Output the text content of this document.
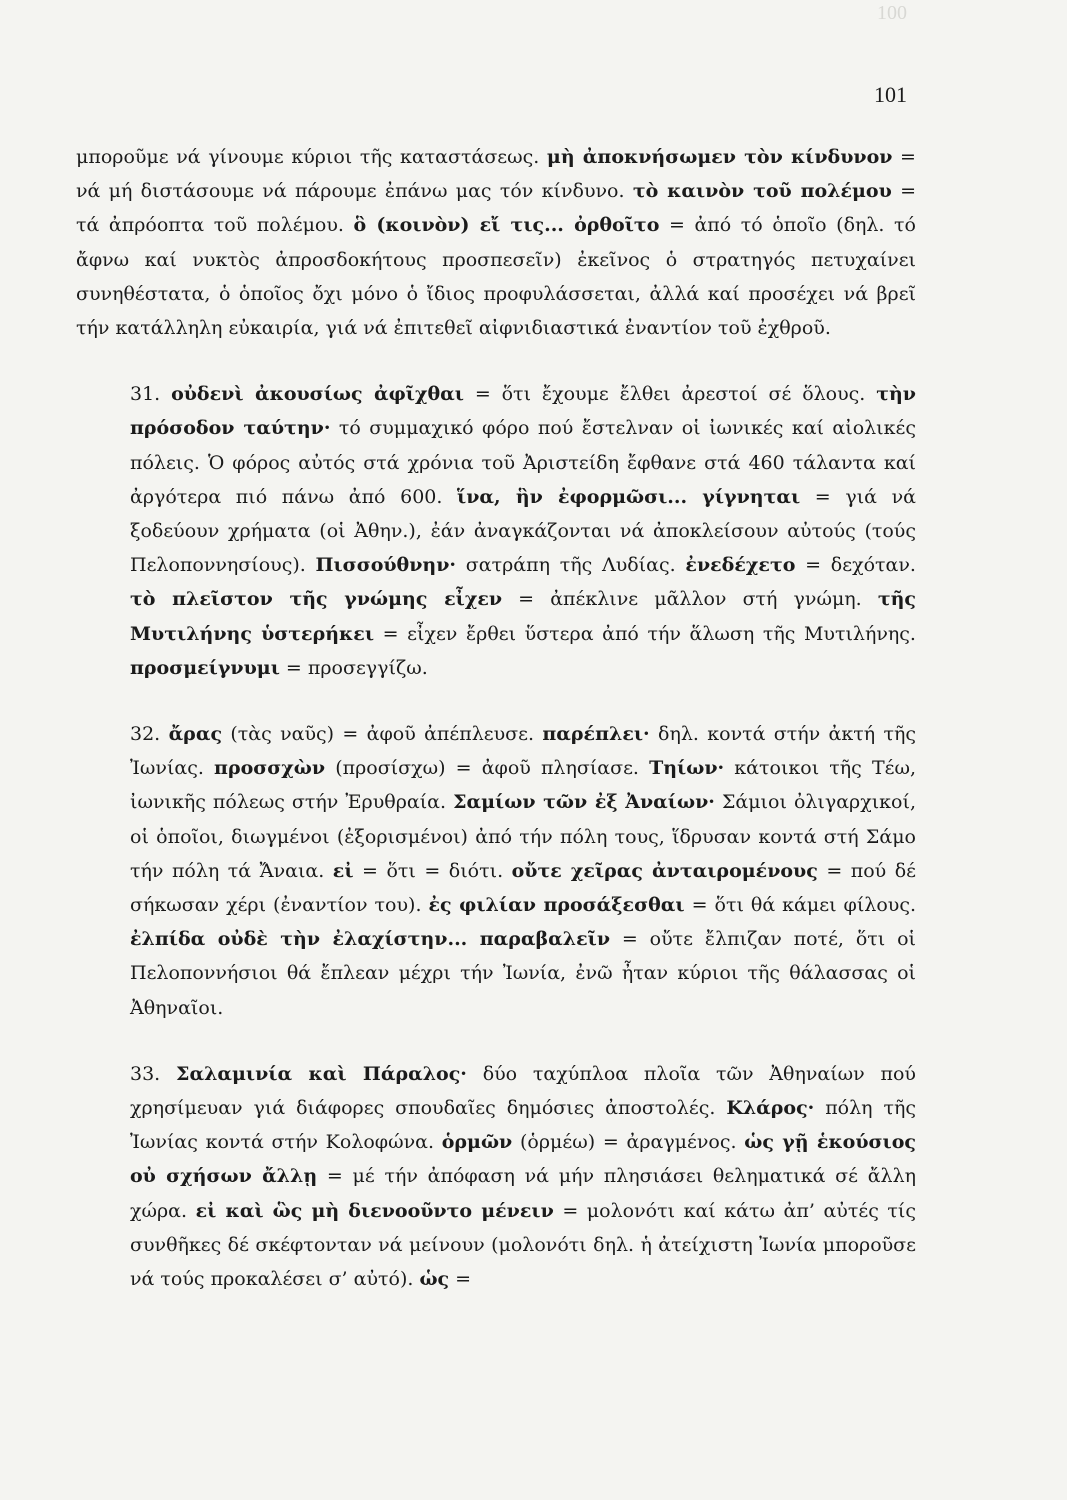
100
101

μποροῦμε νά γίνουμε κύριοι τῆς καταστάσεως. μὴ ἀποκνήσωμεν τὸν κίνδυνον = νά μή διστάσουμε νά πάρουμε ἐπάνω μας τόν κίνδυνο. τὸ καινὸν τοῦ πολέμου = τά ἀπρόοπτα τοῦ πολέμου. ὃ (κοινὸν) εἴ τις... ὀρθοῖτο = ἀπό τό ὁποῖο (δηλ. τό ἄφνω καί νυκτὸς ἀπροσδοκήτους προσπεσεῖν) ἐκεῖνος ὁ στρατηγός πετυχαίνει συνηθέστατα, ὁ ὁποῖος ὄχι μόνο ὁ ἴδιος προφυλάσσεται, ἀλλά καί προσέχει νά βρεῖ τήν κατάλληλη εὐκαιρία, γιά νά ἐπιτεθεῖ αἰφνιδιαστικά ἐναντίον τοῦ ἐχθροῦ.

31. οὐδενὶ ἀκουσίως ἀφῖχθαι = ὅτι ἔχουμε ἔλθει ἀρεστοί σέ ὅλους. τὴν πρόσοδον ταύτην· τό συμμαχικό φόρο πού ἔστελναν οἱ ἰωνικές καί αἰολικές πόλεις. Ὁ φόρος αὐτός στά χρόνια τοῦ Ἀριστείδη ἔφθανε στά 460 τάλαντα καί ἀργότερα πιό πάνω ἀπό 600. ἵνα, ἣν ἐφορμῶσι... γίγνηται = γιά νά ξοδεύουν χρήματα (οἱ Ἀθην.), ἐάν ἀναγκάζονται νά ἀποκλείσουν αὐτούς (τούς Πελοποννησίους). Πισσούθνην· σατράπη τῆς Λυδίας. ἐνεδέχετο = δεχόταν. τὸ πλεῖστον τῆς γνώμης εἶχεν = ἀπέκλινε μᾶλλον στή γνώμη. τῆς Μυτιλήνης ὑστερήκει = εἶχεν ἔρθει ὕστερα ἀπό τήν ἅλωση τῆς Μυτιλήνης. προσμείγνυμι = προσεγγίζω.

32. ἄρας (τὰς ναῦς) = ἀφοῦ ἀπέπλευσε. παρέπλει· δηλ. κοντά στήν ἀκτή τῆς Ἰωνίας. προσσχὼν (προσίσχω) = ἀφοῦ πλησίασε. Τηίων· κάτοικοι τῆς Τέω, ἰωνικῆς πόλεως στήν Ἐρυθραία. Σαμίων τῶν ἐξ Ἀναίων· Σάμιοι ὀλιγαρχικοί, οἱ ὁποῖοι, διωγμένοι (ἐξορισμένοι) ἀπό τήν πόλη τους, ἵδρυσαν κοντά στή Σάμο τήν πόλη τά Ἄναια. εἰ = ὅτι = διότι. οὔτε χεῖρας ἀνταιρομένους = πού δέ σήκωσαν χέρι (ἐναντίον του). ἐς φιλίαν προσάξεσθαι = ὅτι θά κάμει φίλους. ἐλπίδα οὐδὲ τὴν ἐλαχίστην... παραβαλεῖν = οὔτε ἔλπιζαν ποτέ, ὅτι οἱ Πελοποννήσιοι θά ἔπλεαν μέχρι τήν Ἰωνία, ἐνῶ ἦταν κύριοι τῆς θάλασσας οἱ Ἀθηναῖοι.

33. Σαλαμινία καὶ Πάραλος· δύο ταχύπλοα πλοῖα τῶν Ἀθηναίων πού χρησίμευαν γιά διάφορες σπουδαῖες δημόσιες ἀποστολές. Κλάρος· πόλη τῆς Ἰωνίας κοντά στήν Κολοφώνα. ὁρμῶν (ὁρμέω) = ἀραγμένος. ὡς γῇ ἑκούσιος οὐ σχήσων ἄλλῃ = μέ τήν ἀπόφαση νά μήν πλησιάσει θεληματικά σέ ἄλλη χώρα. εἰ καὶ ὣς μὴ διενοοῦντο μένειν = μολονότι καί κάτω ἀπ’ αὐτές τίς συνθῆκες δέ σκέφτονταν νά μείνουν (μολονότι δηλ. ἡ ἀτείχιστη Ἰωνία μποροῦσε νά τούς προκαλέσει σ’ αὐτό). ὡς =
